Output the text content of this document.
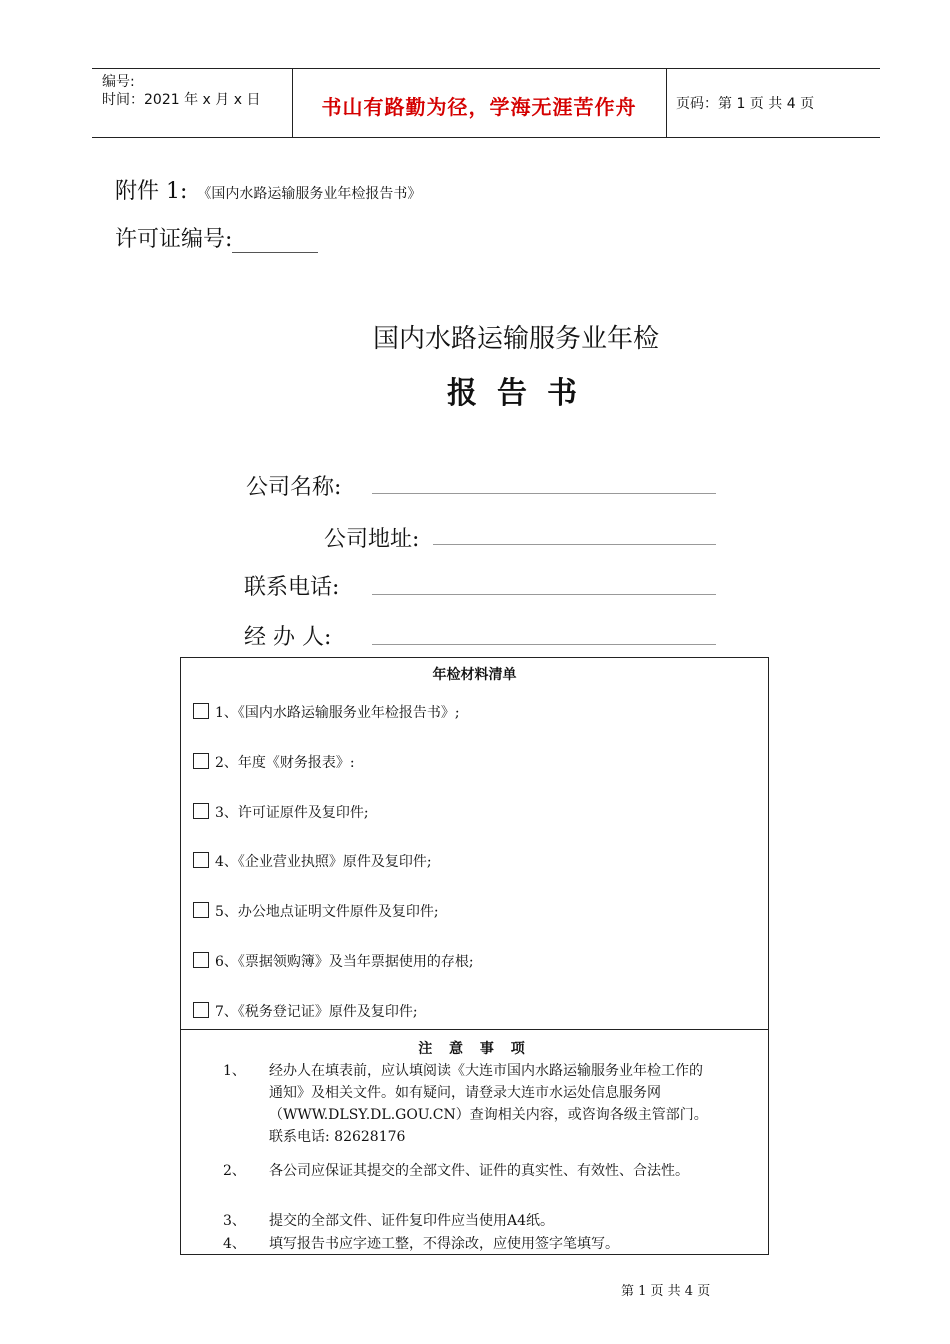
编号:
时间：2021 年 x 月 x 日	书山有路勤为径，学海无涯苦作舟	页码：第 1 页 共 4 页
附件 1: 《国内水路运输服务业年检报告书》
许可证编号:
国内水路运输服务业年检
报告书
公司名称:
公司地址:
联系电话:
经 办 人:
年检材料清单
1、《国内水路运输服务业年检报告书》;
2、年度《财务报表》:
3、许可证原件及复印件;
4、《企业营业执照》原件及复印件;
5、办公地点证明文件原件及复印件;
6、《票据领购簿》及当年票据使用的存根;
7、《税务登记证》原件及复印件;
注 意 事 项
1、 经办人在填表前，应认填阅读《大连市国内水路运输服务业年检工作的通知》及相关文件。如有疑问，请登录大连市水运处信息服务网（WWW.DLSY.DL.GOU.CN）查询相关内容，或咨询各级主管部门。联系电话: 82628176
2、 各公司应保证其提交的全部文件、证件的真实性、有效性、合法性。
3、 提交的全部文件、证件复印件应当使用A4纸。
4、 填写报告书应字迹工整，不得涂改，应使用签字笔填写。
第 1 页 共 4 页
